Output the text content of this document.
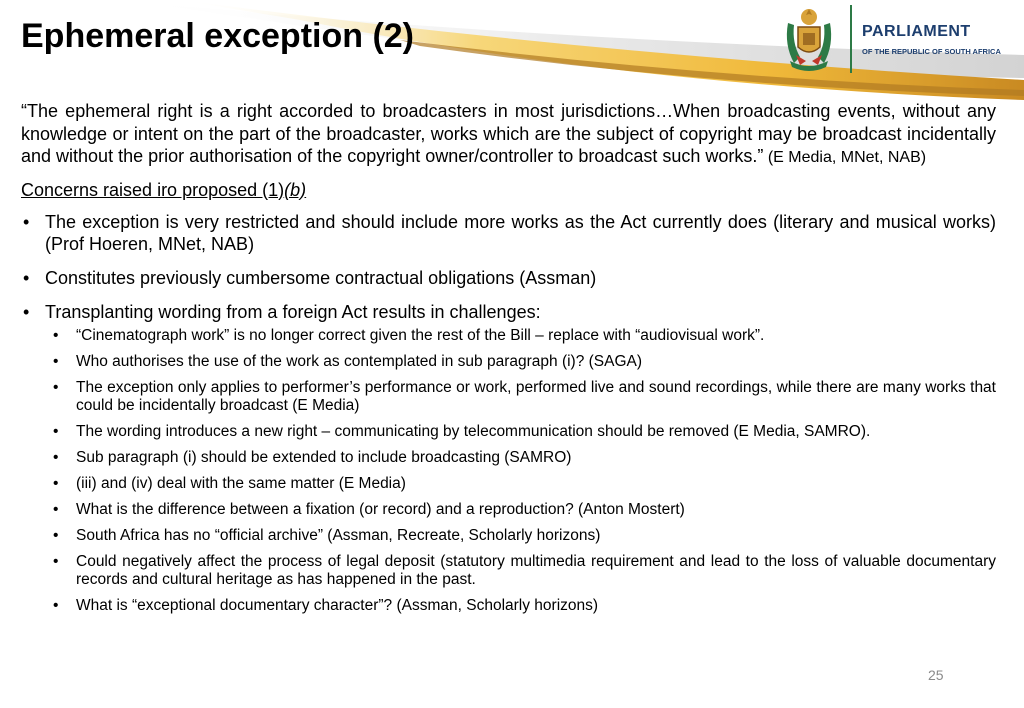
Ephemeral exception (2)	PARLIAMENT
OF THE REPUBLIC OF SOUTH AFRICA

“The ephemeral right is a right accorded to broadcasters in most jurisdictions…When broadcasting events, without any knowledge or intent on the part of the broadcaster, works which are the subject of copyright may be broadcast incidentally and without the prior authorisation of the copyright owner/controller to broadcast such works.” (E Media, MNet, NAB)

Concerns raised iro proposed (1)(b)

• The exception is very restricted and should include more works as the Act currently does (literary and musical works) (Prof Hoeren, MNet, NAB)
• Constitutes previously cumbersome contractual obligations (Assman)
• Transplanting wording from a foreign Act results in challenges:
• “Cinematograph work” is no longer correct given the rest of the Bill – replace with “audiovisual work”.
• Who authorises the use of the work as contemplated in sub paragraph (i)? (SAGA)
• The exception only applies to performer’s performance or work, performed live and sound recordings, while there are many works that could be incidentally broadcast (E Media)
• The wording introduces a new right – communicating by telecommunication should be removed (E Media, SAMRO).
• Sub paragraph (i) should be extended to include broadcasting (SAMRO)
• (iii) and (iv) deal with the same matter (E Media)
• What is the difference between a fixation (or record) and a reproduction? (Anton Mostert)
• South Africa has no “official archive” (Assman, Recreate, Scholarly horizons)
• Could negatively affect the process of legal deposit (statutory multimedia requirement and lead to the loss of valuable documentary records and cultural heritage as has happened in the past.
• What is “exceptional documentary character”? (Assman, Scholarly horizons)
25
